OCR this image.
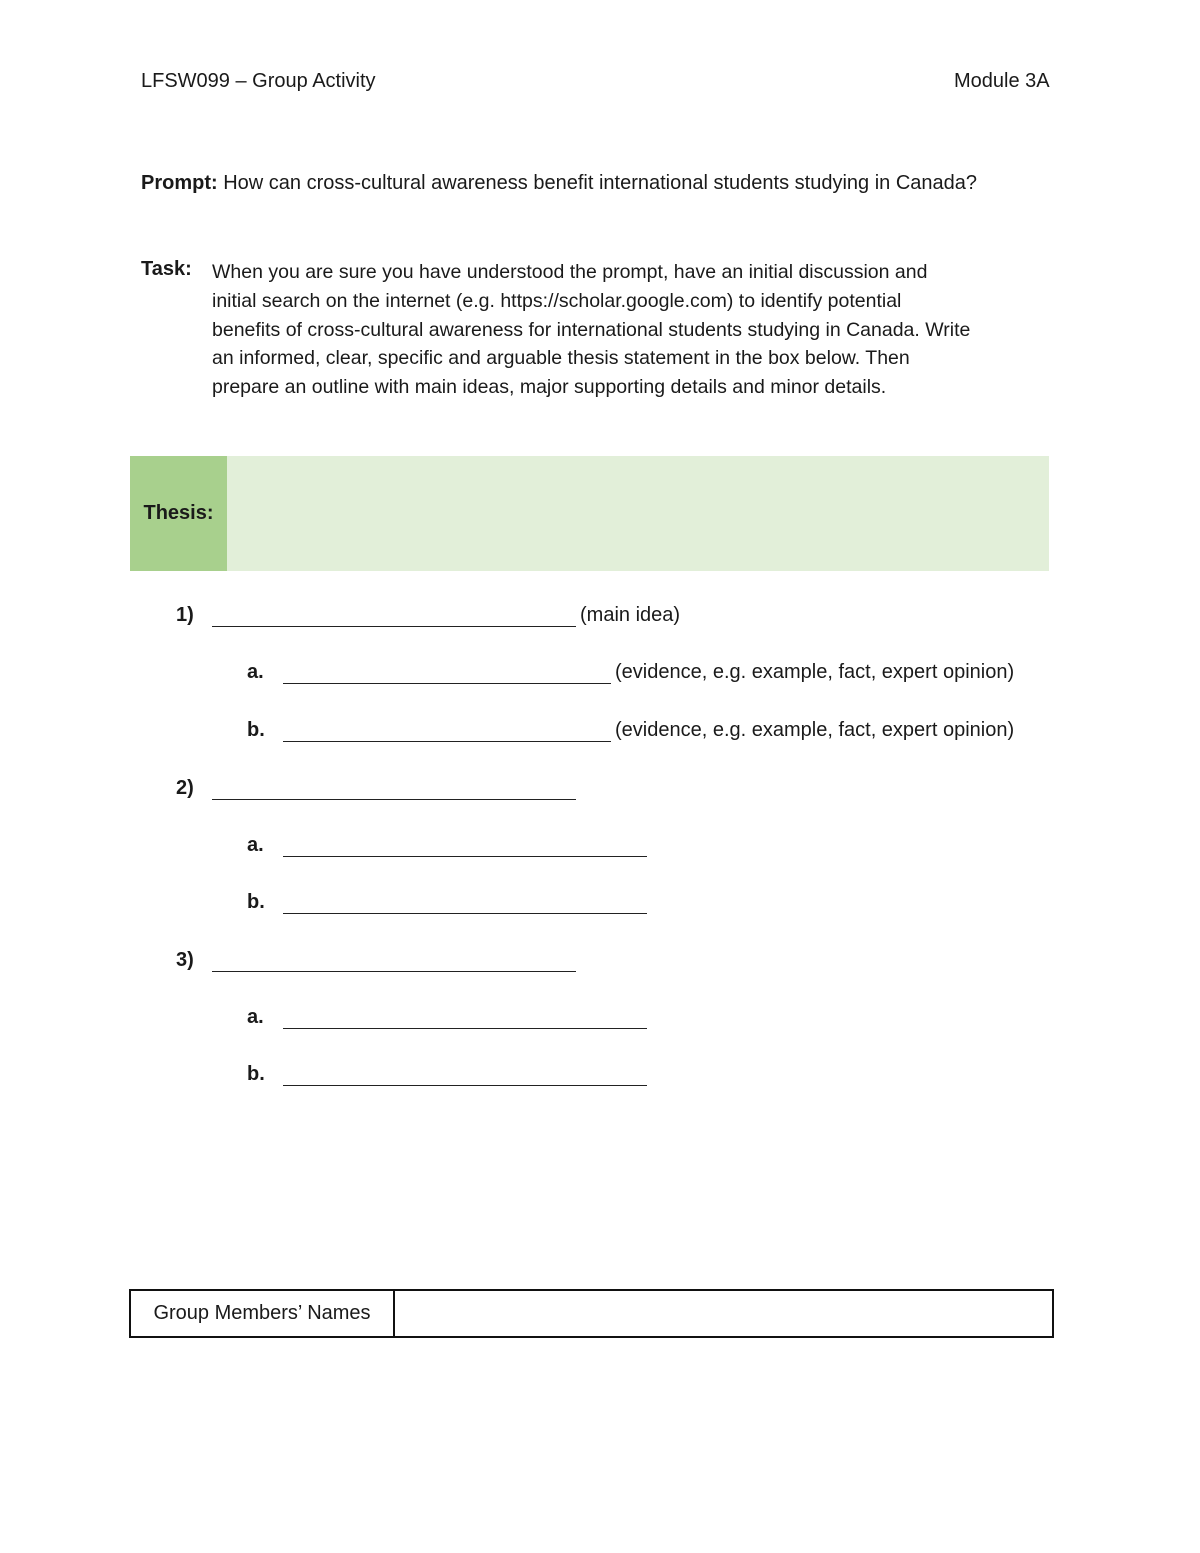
LFSW099 – Group Activity	Module 3A
Prompt: How can cross-cultural awareness benefit international students studying in Canada?
Task: When you are sure you have understood the prompt, have an initial discussion and
initial search on the internet (e.g. https://scholar.google.com) to identify potential
benefits of cross-cultural awareness for international students studying in Canada. Write
an informed, clear, specific and arguable thesis statement in the box below. Then
prepare an outline with main ideas, major supporting details and minor details.
Thesis:
1)	(main idea)
a.	(evidence, e.g. example, fact, expert opinion)
b.	(evidence, e.g. example, fact, expert opinion)
2)
a.
b.
3)
a.
b.
Group Members’ Names
